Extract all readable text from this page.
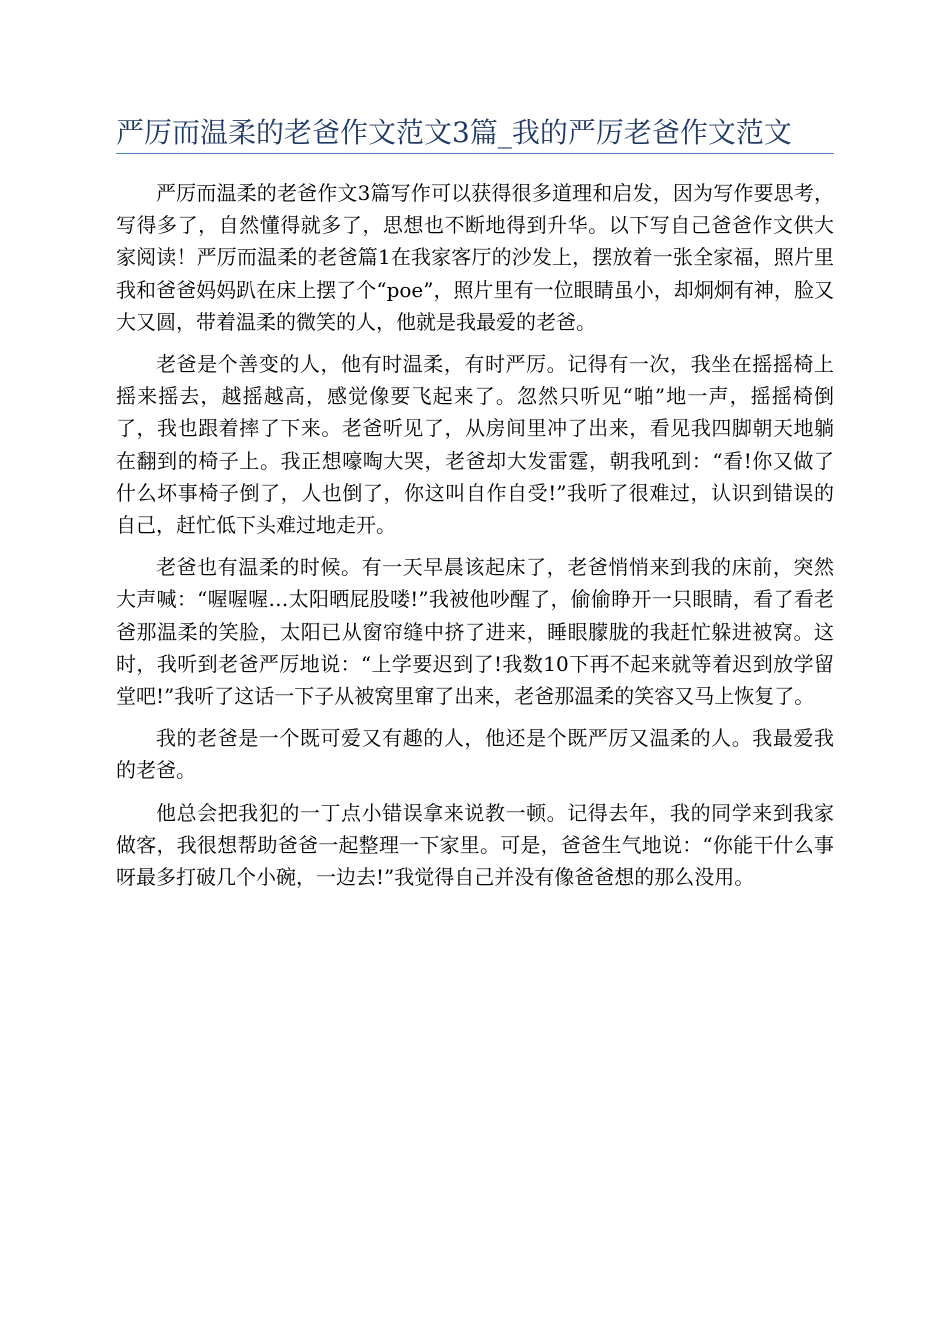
严厉而温柔的老爸作文范文3篇_我的严厉老爸作文范文

严厉而温柔的老爸作文3篇写作可以获得很多道理和启发，因为写作要思考，写得多了，自然懂得就多了，思想也不断地得到升华。以下写自己爸爸作文供大家阅读！严厉而温柔的老爸篇1在我家客厅的沙发上，摆放着一张全家福，照片里我和爸爸妈妈趴在床上摆了个“poe”，照片里有一位眼睛虽小，却炯炯有神，脸又大又圆，带着温柔的微笑的人，他就是我最爱的老爸。

老爸是个善变的人，他有时温柔，有时严厉。记得有一次，我坐在摇摇椅上摇来摇去，越摇越高，感觉像要飞起来了。忽然只听见“啪”地一声，摇摇椅倒了，我也跟着摔了下来。老爸听见了，从房间里冲了出来，看见我四脚朝天地躺在翻到的椅子上。我正想嚎啕大哭，老爸却大发雷霆，朝我吼到：“看!你又做了什么坏事椅子倒了，人也倒了，你这叫自作自受!”我听了很难过，认识到错误的自己，赶忙低下头难过地走开。

老爸也有温柔的时候。有一天早晨该起床了，老爸悄悄来到我的床前，突然大声喊：“喔喔喔…太阳晒屁股喽!”我被他吵醒了，偷偷睁开一只眼睛，看了看老爸那温柔的笑脸，太阳已从窗帘缝中挤了进来，睡眼朦胧的我赶忙躲进被窝。这时，我听到老爸严厉地说：“上学要迟到了!我数10下再不起来就等着迟到放学留堂吧!”我听了这话一下子从被窝里窜了出来，老爸那温柔的笑容又马上恢复了。

我的老爸是一个既可爱又有趣的人，他还是个既严厉又温柔的人。我最爱我的老爸。

他总会把我犯的一丁点小错误拿来说教一顿。记得去年，我的同学来到我家做客，我很想帮助爸爸一起整理一下家里。可是，爸爸生气地说：“你能干什么事呀最多打破几个小碗，一边去!”我觉得自己并没有像爸爸想的那么没用。
